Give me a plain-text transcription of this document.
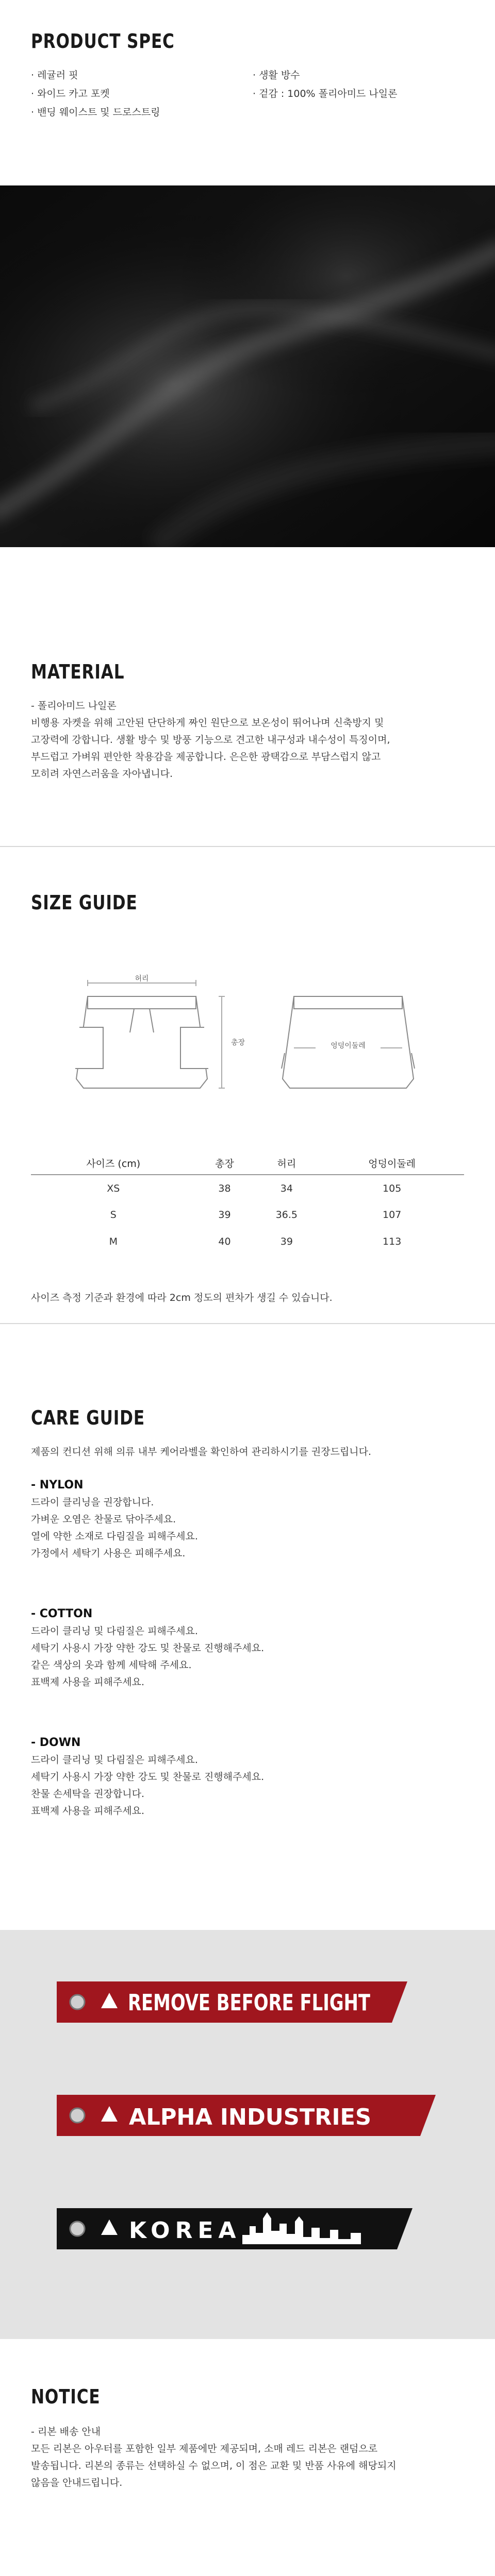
PRODUCT SPEC
· 레귤러 핏
· 와이드 카고 포켓
· 밴딩 웨이스트 및 드로스트링
· 생활 방수
· 겉감 : 100% 폴리아미드 나일론
MATERIAL
- 폴리아미드 나일론
비행용 자켓을 위해 고안된 단단하게 짜인 원단으로 보온성이 뛰어나며 신축방지 및
고장력에 강합니다. 생활 방수 및 방풍 기능으로 견고한 내구성과 내수성이 특징이며,
부드럽고 가벼워 편안한 착용감을 제공합니다. 은은한 광택감으로 부담스럽지 않고
모히려 자연스러움을 자아냅니다.
SIZE GUIDE
허리
총장	엉덩이둘레
사이즈 (cm)	총장	허리	엉덩이둘레
XS	38	34	105
S	39	36.5	107
M	40	39	113
사이즈 측정 기준과 환경에 따라 2cm 정도의 편차가 생길 수 있습니다.
CARE GUIDE
제품의 컨디션 위해 의류 내부 케어라벨을 확인하여 관리하시기를 권장드립니다.
- NYLON
드라이 클리닝을 권장합니다.
가벼운 오염은 찬물로 닦아주세요.
열에 약한 소재로 다림질을 피해주세요.
가정에서 세탁기 사용은 피해주세요.
- COTTON
드라이 클리닝 및 다림질은 피해주세요.
세탁기 사용시 가장 약한 강도 및 찬물로 진행해주세요.
같은 색상의 옷과 함께 세탁해 주세요.
표백제 사용을 피해주세요.
- DOWN
드라이 클리닝 및 다림질은 피해주세요.
세탁기 사용시 가장 약한 강도 및 찬물로 진행해주세요.
찬물 손세탁을 권장합니다.
표백제 사용을 피해주세요.
REMOVE BEFORE FLIGHT
ALPHA INDUSTRIES
KOREA
NOTICE
- 리본 배송 안내
모든 리본은 아우터를 포함한 일부 제품에만 제공되며, 소매 레드 리본은 랜덤으로
발송됩니다. 리본의 종류는 선택하실 수 없으며, 이 점은 교환 및 반품 사유에 해당되지
않음을 안내드립니다.
